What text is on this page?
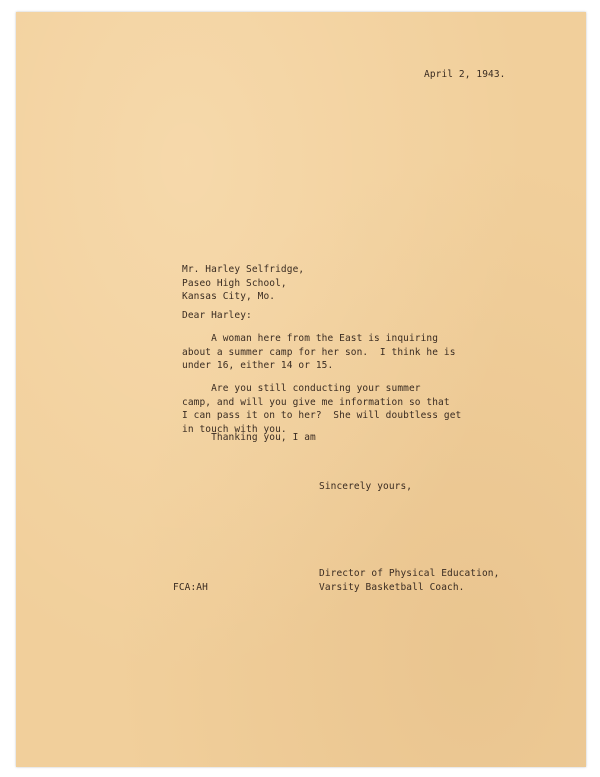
April 2, 1943.
Mr. Harley Selfridge,
Paseo High School,
Kansas City, Mo.
Dear Harley:
A woman here from the East is inquiring
about a summer camp for her son.  I think he is
under 16, either 14 or 15.
Are you still conducting your summer
camp, and will you give me information so that
I can pass it on to her?  She will doubtless get
in touch with you.
Thanking you, I am
Sincerely yours,
Director of Physical Education,
Varsity Basketball Coach.
FCA:AH
